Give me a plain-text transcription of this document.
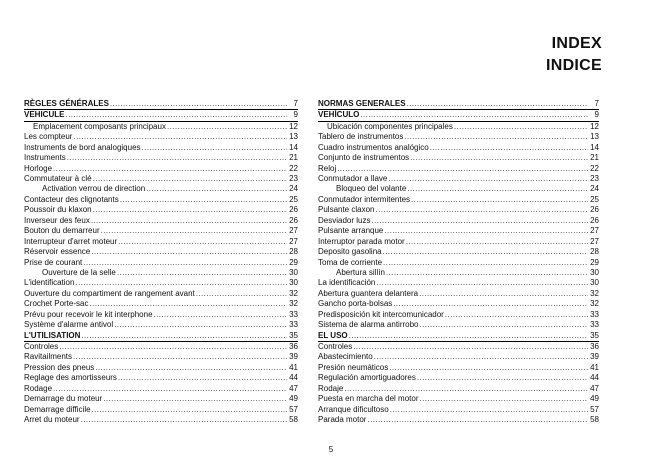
INDEX
INDICE
RÈGLES GÉNÉRALES .....	7
VEHICULE .....	9
Emplacement composants principaux .....	12
Les compteur .....	13
Instruments de bord analogiques .....	14
Instruments .....	21
Horloge .....	22
Commutateur à clé .....	23
Activation verrou de direction .....	24
Contacteur des clignotants .....	25
Poussoir du klaxon .....	26
Inverseur des feux .....	26
Bouton du demarreur .....	27
Interrupteur d'arret moteur .....	27
Réservoir essence .....	28
Prise de courant .....	29
Ouverture de la selle .....	30
L'identification .....	30
Ouverture du compartiment de rangement avant .....	32
Crochet Porte-sac .....	32
Prévu pour recevoir le kit interphone .....	33
Système d'alarme antivol .....	33
L'UTILISATION .....	35
Controles .....	36
Ravitailments .....	39
Pression des pneus .....	41
Reglage des amortisseurs .....	44
Rodage .....	47
Demarrage du moteur .....	49
Demarrage difficile .....	57
Arret du moteur .....	58
NORMAS GENERALES .....	7
VEHÍCULO .....	9
Ubicación componentes principales .....	12
Tablero de instrumentos .....	13
Cuadro instrumentos analógico .....	14
Conjunto de instrumentos .....	21
Reloj .....	22
Conmutador a llave .....	23
Bloqueo del volante .....	24
Conmutador intermitentes .....	25
Pulsante claxon .....	26
Desviador luzs .....	26
Pulsante arranque .....	27
Interruptor parada motor .....	27
Deposito gasolina .....	28
Toma de corriente .....	29
Abertura sillín .....	30
La identificación .....	30
Abertura guantera delantera .....	32
Gancho porta-bolsas .....	32
Predisposición kit intercomunicador .....	33
Sistema de alarma antirrobo .....	33
EL USO .....	35
Controles .....	36
Abastecimiento .....	39
Presión neumáticos .....	41
Regulación amortiguadores .....	44
Rodaje .....	47
Puesta en marcha del motor .....	49
Arranque dificultoso .....	57
Parada motor .....	58
5
